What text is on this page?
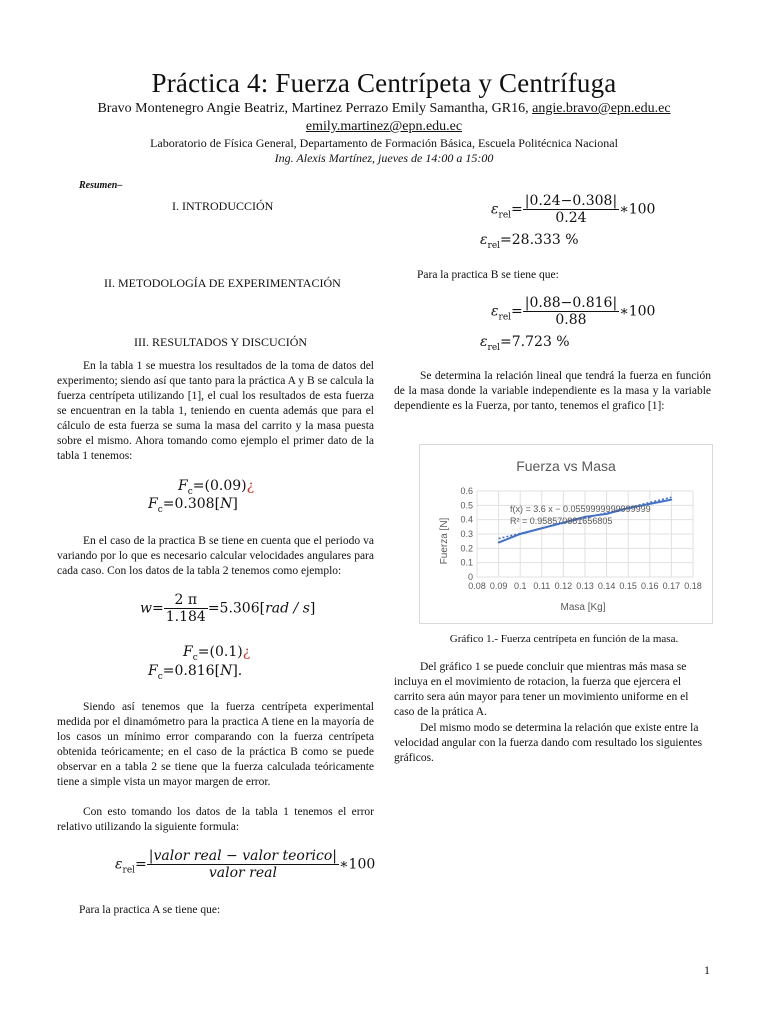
Práctica 4: Fuerza Centrípeta y Centrífuga
Bravo Montenegro Angie Beatriz, Martinez Perrazo Emily Samantha, GR16, angie.bravo@epn.edu.ec
emily.martinez@epn.edu.ec
Laboratorio de Física General, Departamento de Formación Básica, Escuela Politécnica Nacional
Ing. Alexis Martínez, jueves de 14:00 a 15:00
Resumen–
I. INTRODUCCIÓN
II. METODOLOGÍA DE EXPERIMENTACIÓN
III. RESULTADOS Y DISCUCIÓN
En la tabla 1 se muestra los resultados de la toma de datos del experimento; siendo así que tanto para la práctica A y B se calcula la fuerza centrípeta utilizando [1], el cual los resultados de esta fuerza se encuentran en la tabla 1, teniendo en cuenta además que para el cálculo de esta fuerza se suma la masa del carrito y la masa puesta sobre el mismo. Ahora tomando como ejemplo el primer dato de la tabla 1 tenemos:
$F_c=(0.09)¿$
$F_c=0.308[N]$
En el caso de la practica B se tiene en cuenta que el periodo va variando por lo que es necesario calcular velocidades angulares para cada caso. Con los datos de la tabla 2 tenemos como ejemplo:
$w= \frac{2 \pi}{1.184} =5.306[rad / s]$
$F_c=(0.1)¿$
$F_c=0.816[N]$.
Siendo así tenemos que la fuerza centrípeta experimental medida por el dinamómetro para la practica A tiene en la mayoría de los casos un mínimo error comparando con la fuerza centrípeta obtenida teóricamente; en el caso de la práctica B como se puede observar en a tabla 2 se tiene que la fuerza calculada teóricamente tiene a simple vista un mayor margen de error.
Con esto tomando los datos de la tabla 1 tenemos el error relativo utilizando la siguiente formula:
$\varepsilon_{rel}= \frac{\text{|valor real − valor teorico|}}{\text{valor real}}$ ∗100
Para la practica A se tiene que:
$\varepsilon_{rel}= \frac{|0.24-0.308|}{0.24}$ ∗100
$\varepsilon_{rel}=28.333$ %
Para la practica B se tiene que:
$\varepsilon_{rel}= \frac{|0.88-0.816|}{0.88}$ ∗100
$\varepsilon_{rel}=7.723$ %
Se determina la relación lineal que tendrá la fuerza en función de la masa donde la variable independiente es la masa y la variable dependiente es la Fuerza, por tanto, tenemos el grafico [1]:
Fuerza vs Masa
0.08 0.09 0.1 0.11 0.12 0.13 0.14 0.15 0.16 0.17 0.18
0
0.1
0.2
0.3
0.4
0.5
0.6
f(x) = 3.6 x − 0.0559999999999999
R² = 0.958570881656805
Fuerza [N]
Masa [Kg]
Gráfico 1.- Fuerza centrípeta en función de la masa.
Del gráfico 1 se puede concluir que mientras más masa se incluya en el movimiento de rotacion, la fuerza que ejercera el carrito sera aún mayor para tener un movimiento uniforme en el caso de la prática A.
Del mismo modo se determina la relación que existe entre la velocidad angular con la fuerza dando com resultado los siguientes gráficos.
1
